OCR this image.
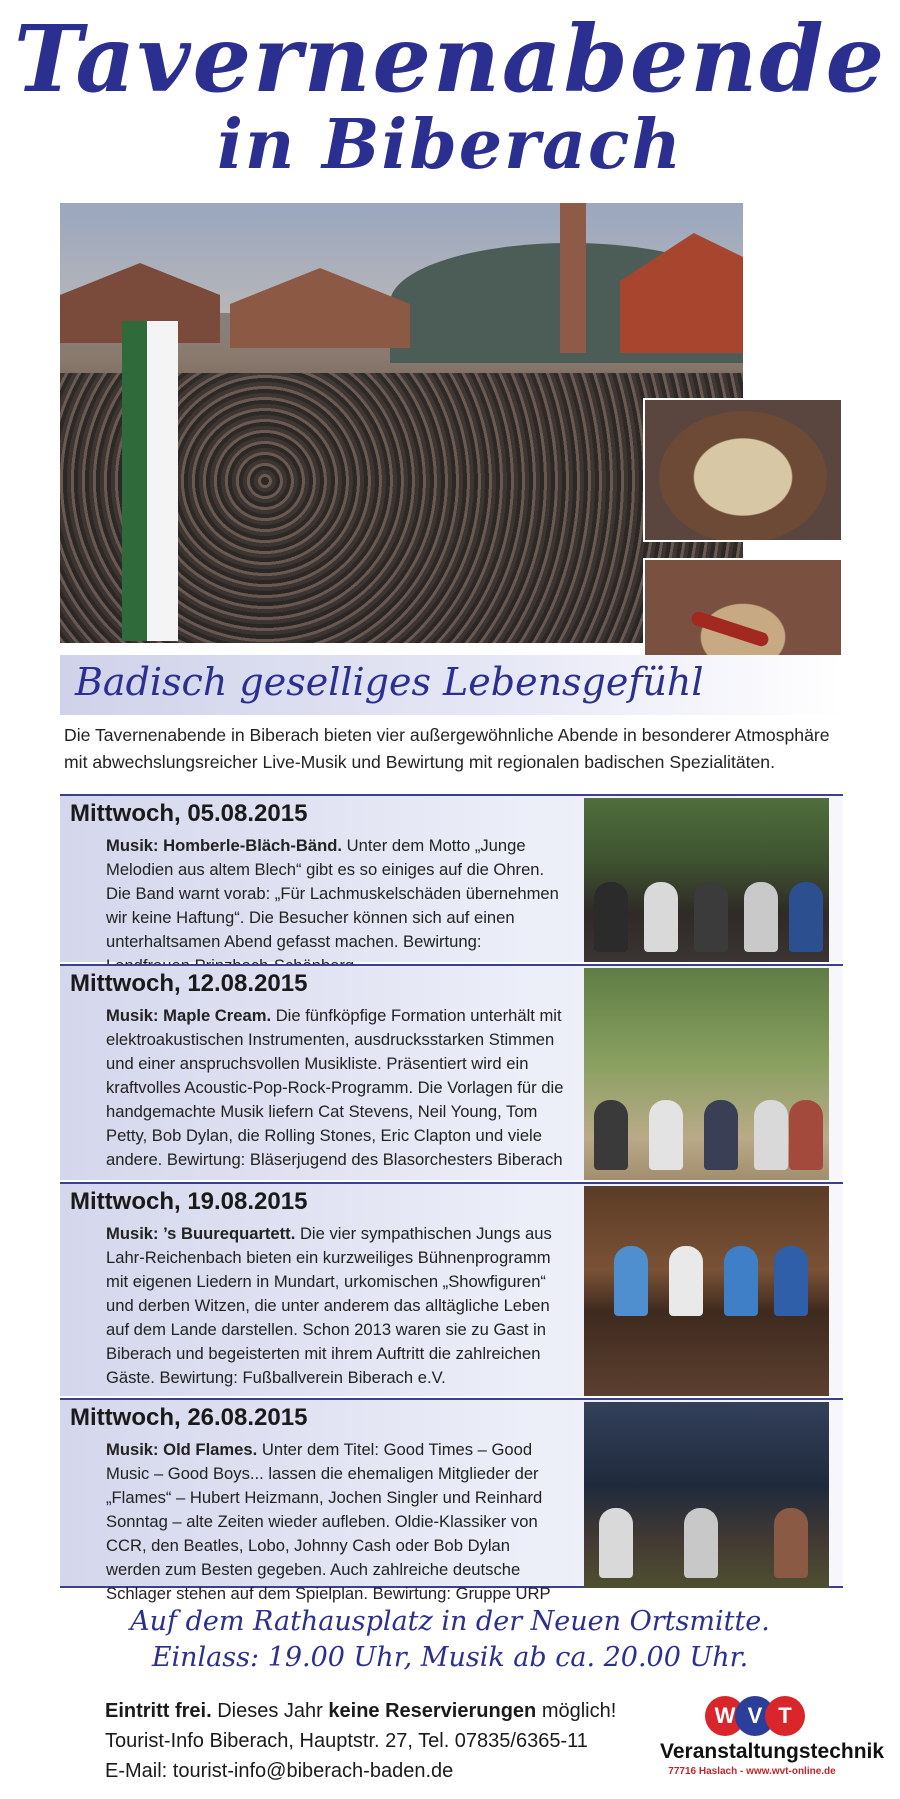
Tavernenabende
in Biberach
Badisch geselliges Lebensgefühl
Die Tavernenabende in Biberach bieten vier außergewöhnliche Abende in besonderer Atmosphäre mit abwechslungsreicher Live-Musik und Bewirtung mit regionalen badischen Spezialitäten.
Mittwoch, 05.08.2015
Musik: Homberle-Bläch-Bänd. Unter dem Motto „Junge Melodien aus altem Blech“ gibt es so einiges auf die Ohren. Die Band warnt vorab: „Für Lachmuskelschäden übernehmen wir keine Haftung“. Die Besucher können sich auf einen unterhaltsamen Abend gefasst machen. Bewirtung:
Mittwoch, 12.08.2015
Musik: Maple Cream. Die fünfköpfige Formation unterhält mit elektroakustischen Instrumenten, ausdrucksstarken Stimmen und einer anspruchsvollen Musikliste. Präsentiert wird ein kraftvolles Acoustic-Pop-Rock-Programm. Die Vorlagen für die handgemachte Musik liefern Cat Stevens, Neil Young, Tom Petty, Bob Dylan, die Rolling Stones, Eric Clapton und viele andere. Bewirtung: Bläserjugend des Blasorchesters Biberach
Mittwoch, 19.08.2015
Musik: ’s Buurequartett. Die vier sympathischen Jungs aus Lahr-Reichenbach bieten ein kurzweiliges Bühnenprogramm mit eigenen Liedern in Mundart, urkomischen „Showfiguren“ und derben Witzen, die unter anderem das alltägliche Leben auf dem Lande darstellen. Schon 2013 waren sie zu Gast in Biberach und begeisterten mit ihrem Auftritt die zahlreichen Gäste. Bewirtung: Fußballverein Biberach e.V.
Mittwoch, 26.08.2015
Musik: Old Flames. Unter dem Titel: Good Times – Good Music – Good Boys... lassen die ehemaligen Mitglieder der „Flames“ – Hubert Heizmann, Jochen Singler und Reinhard Sonntag – alte Zeiten wieder aufleben. Oldie-Klassiker von CCR, den Beatles, Lobo, Johnny Cash oder Bob Dylan werden zum Besten gegeben. Auch zahlreiche deutsche Schlager stehen auf dem Spielplan. Bewirtung: Gruppe URP
Auf dem Rathausplatz in der Neuen Ortsmitte.
Einlass: 19.00 Uhr, Musik ab ca. 20.00 Uhr.
Eintritt frei. Dieses Jahr keine Reservierungen möglich!
Tourist-Info Biberach, Hauptstr. 27, Tel. 07835/6365-11
E-Mail: tourist-info@biberach-baden.de
W V T
Veranstaltungstechnik
77716 Haslach - www.wvt-online.de
